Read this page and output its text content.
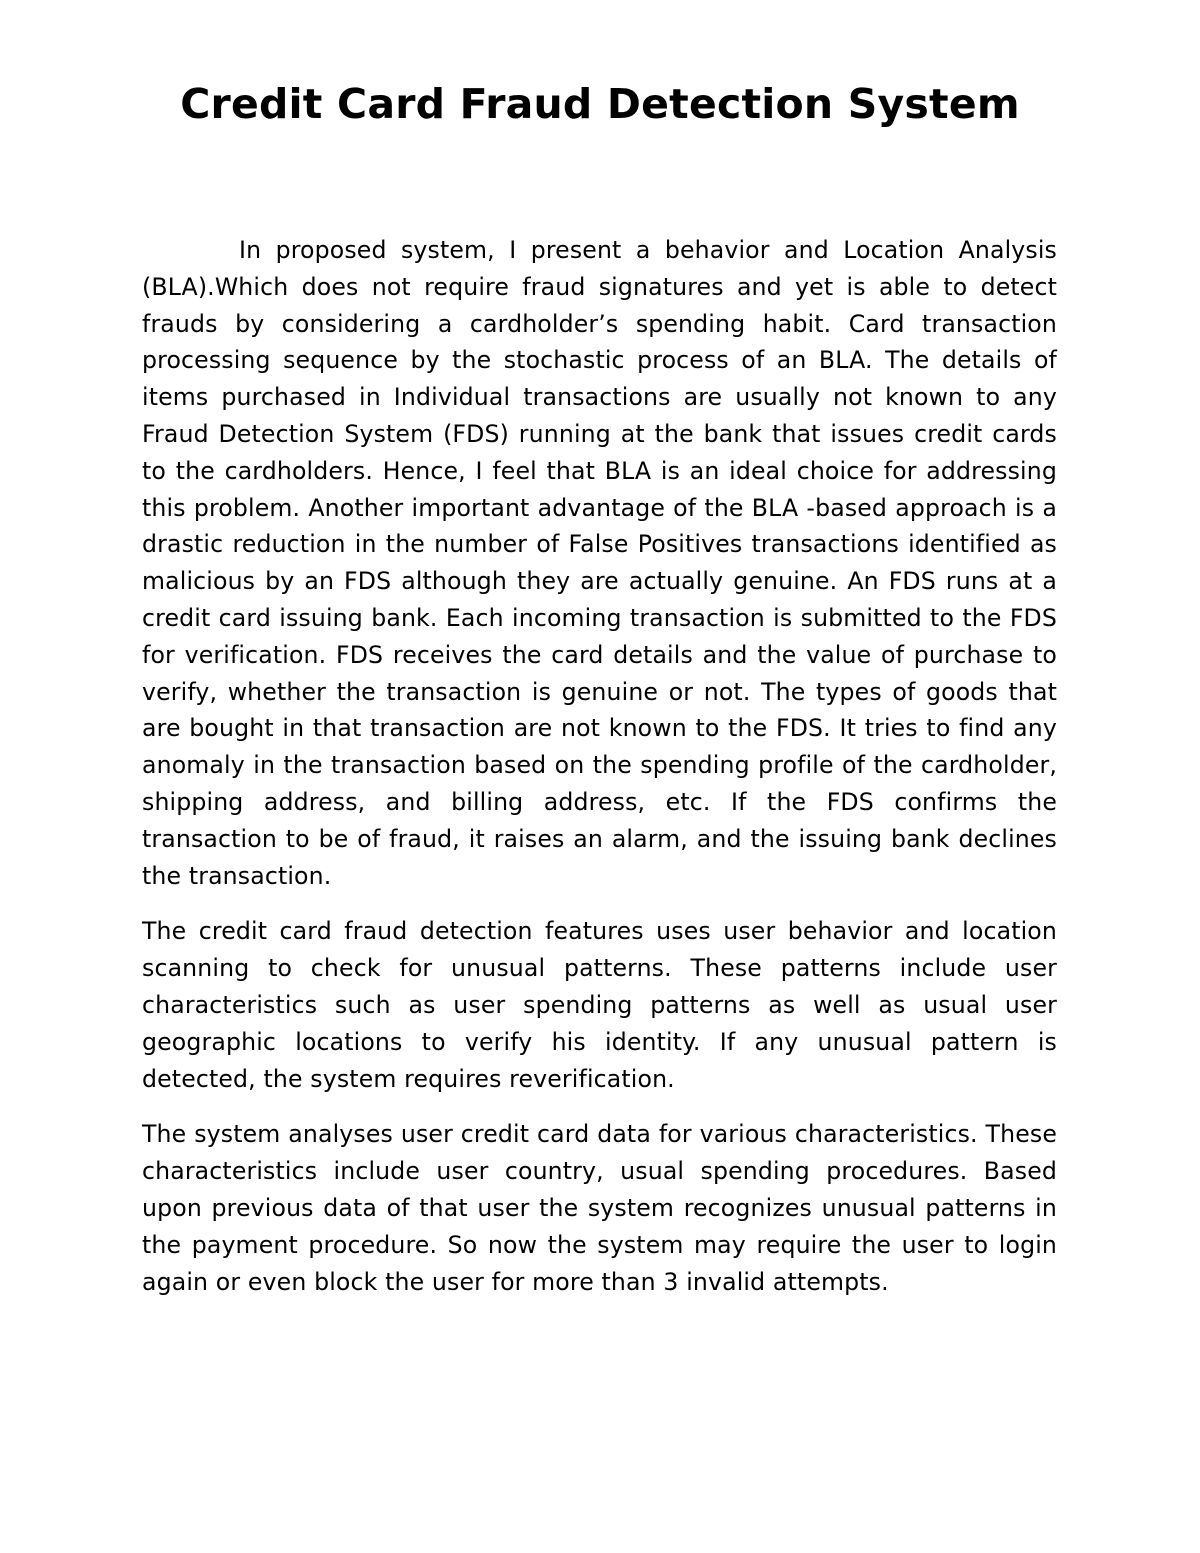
Credit Card Fraud Detection System

In proposed system, I present a behavior and Location Analysis (BLA).Which does not require fraud signatures and yet is able to detect frauds by considering a cardholder’s spending habit. Card transaction processing sequence by the stochastic process of an BLA. The details of items purchased in Individual transactions are usually not known to any Fraud Detection System (FDS) running at the bank that issues credit cards to the cardholders. Hence, I feel that BLA is an ideal choice for addressing this problem. Another important advantage of the BLA -based approach is a drastic reduction in the number of False Positives transactions identified as malicious by an FDS although they are actually genuine. An FDS runs at a credit card issuing bank. Each incoming transaction is submitted to the FDS for verification. FDS receives the card details and the value of purchase to verify, whether the transaction is genuine or not. The types of goods that are bought in that transaction are not known to the FDS. It tries to find any anomaly in the transaction based on the spending profile of the cardholder, shipping address, and billing address, etc. If the FDS confirms the transaction to be of fraud, it raises an alarm, and the issuing bank declines the transaction.

The credit card fraud detection features uses user behavior and location scanning to check for unusual patterns. These patterns include user characteristics such as user spending patterns as well as usual user geographic locations to verify his identity. If any unusual pattern is detected, the system requires reverification.

The system analyses user credit card data for various characteristics. These characteristics include user country, usual spending procedures. Based upon previous data of that user the system recognizes unusual patterns in the payment procedure. So now the system may require the user to login again or even block the user for more than 3 invalid attempts.
